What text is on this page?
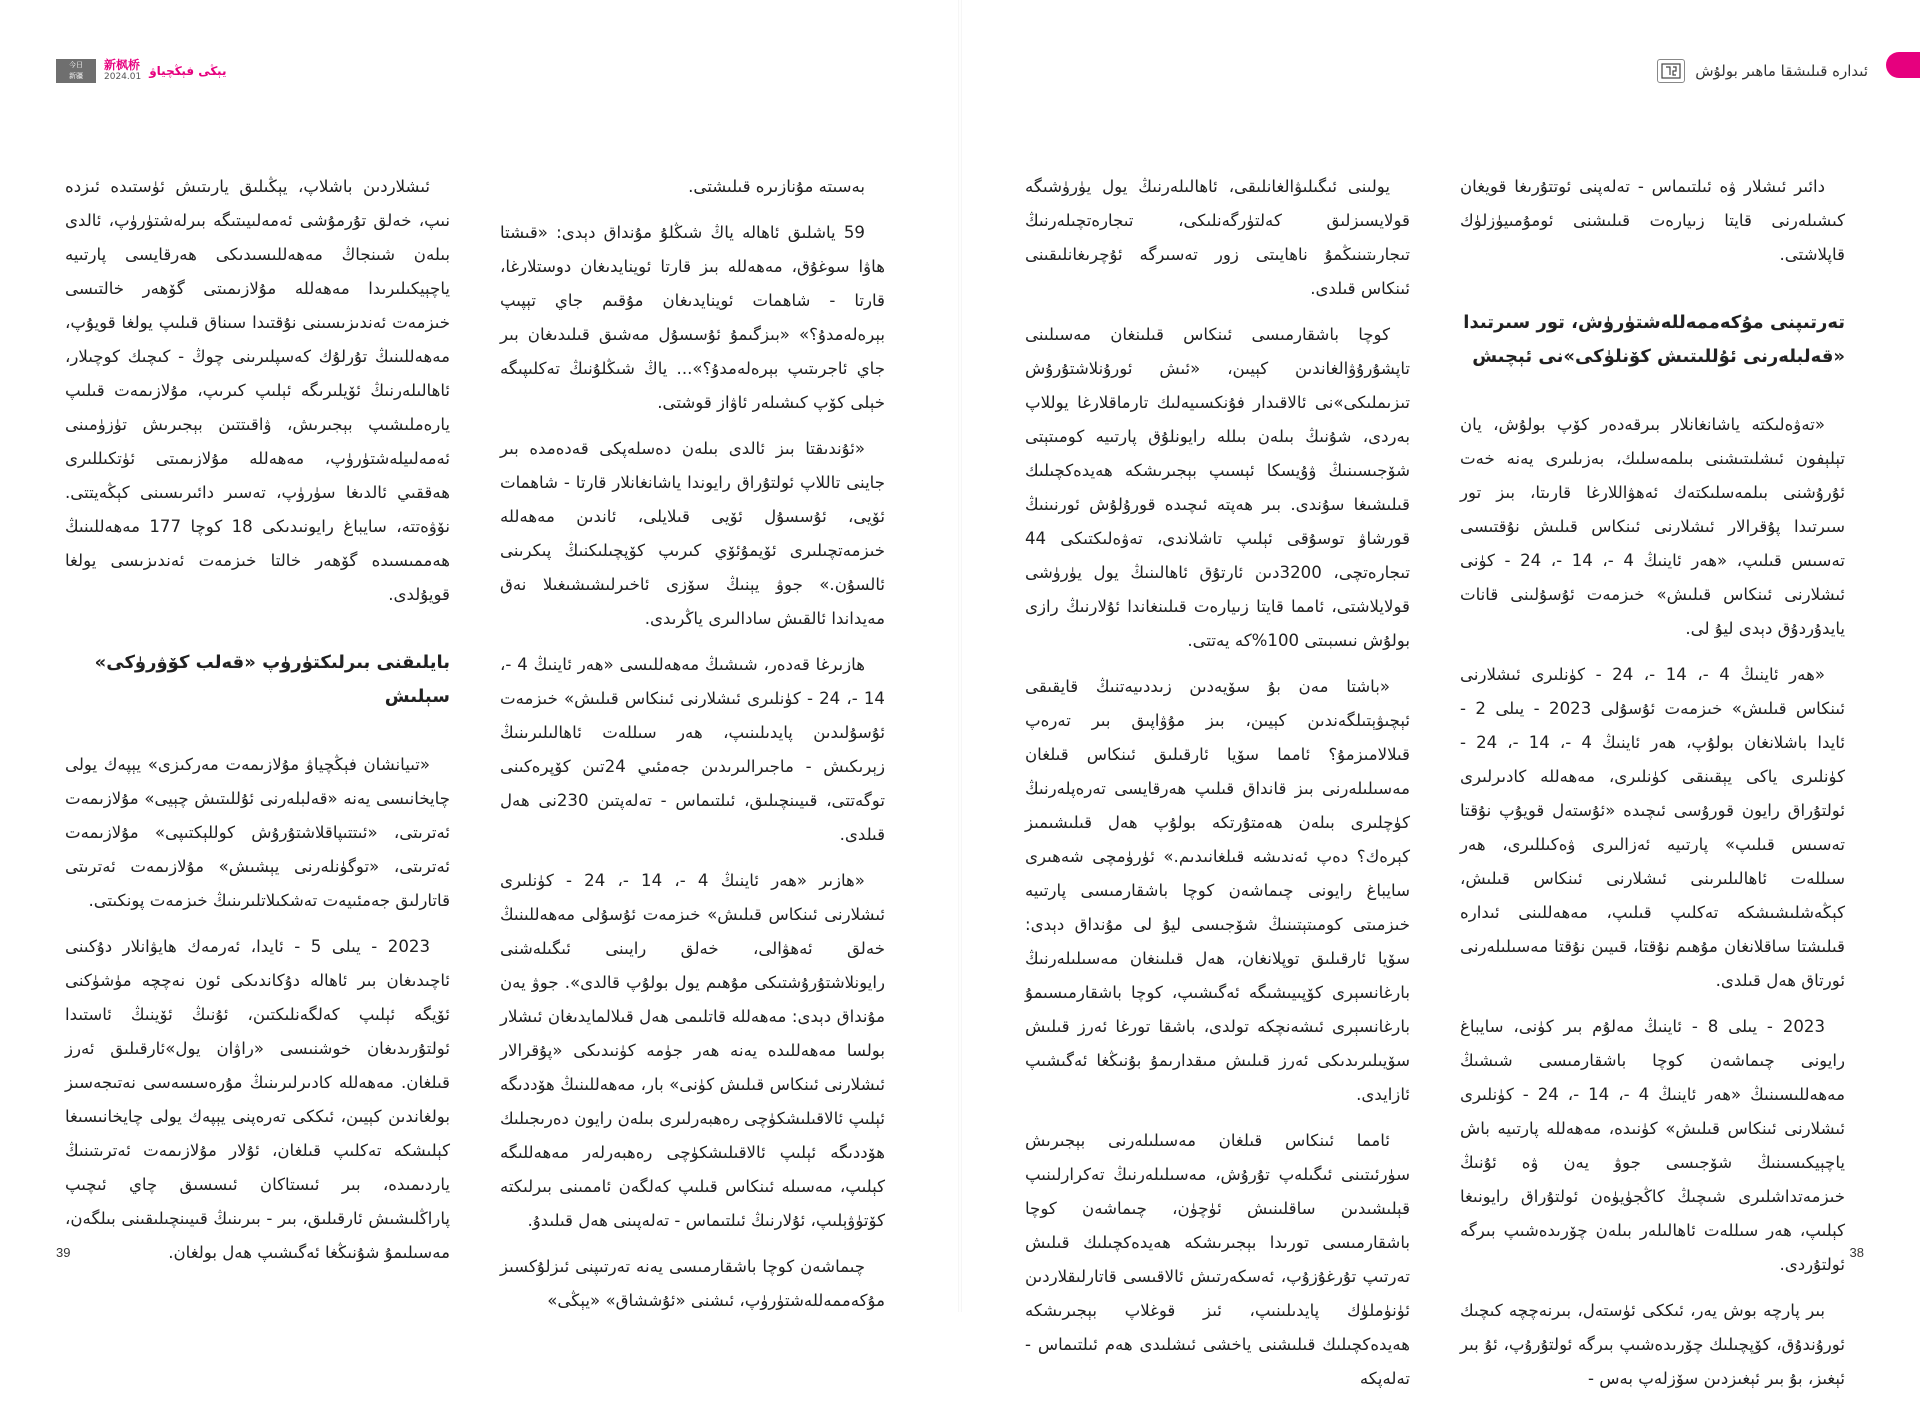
今日
新疆
新枫桥
2024.01 يېڭى فېڭچياۋ

بەسىتە مۇنازىرە قىلىشتى.

59 ياشلىق ئاھالە ياڭ شىڭلۇ مۇنداق دېدى: «قىشتا ھاۋا سوغۇق، مەھەللە بىز قارتا ئوينايدىغان دوستلارغا، قارتا - شاھمات ئوينايدىغان مۇقىم جاي تېپىپ بېرەلەمدۇ؟» «بىزگىمۇ ئۇسسۇل مەشىق قىلىدىغان بىر جاي ئاجرىتىپ بېرەلەمدۇ؟»... ياڭ شىڭلۇنىڭ تەكلىپىگە خېلى كۆپ كىشىلەر ئاۋاز قوشتى.

«ئۇندىقتا بىز ئالدى بىلەن دەسلەپكى قەدەمدە بىر جاينى تاللاپ ئولتۇراق رايوندا ياشانغانلار قارتا - شاھمات ئۆيى، ئۇسسۇل ئۆيى قىلايلى، ئاندىن مەھەللە خىزمەتچىلىرى ئۆيمۇئۆي كىرىپ كۆپچىلىكنىڭ پىكرىنى ئالسۇن.» جوۋ يېنىڭ سۆزى ئاخىرلىشىشىغىلا نەق مەيداندا ئالقىش سادالىرى ياڭرىدى.

ھازىرغا قەدەر، شىشىڭ مەھەللىسى «ھەر ئاينىڭ 4 -، 14 -، 24 - كۈنلىرى ئىشلارنى ئىنكاس قىلىش» خىزمەت ئۇسۇلىدىن پايدىلىنىپ، ھەر سىللەت ئاھالىلىرىنىڭ زېرىكىش - ماجىرالىرىدىن جەمئىي 24تىن كۆپرەكىنى توگەتتى، قىيىنچىلىق، ئىلتىماس - تەلەپتىن 230نى ھەل قىلدى.

«ھازىر «ھەر ئاينىڭ 4 -، 14 -، 24 - كۈنلىرى ئىشلارنى ئىنكاس قىلىش» خىزمەت ئۇسۇلى مەھەللىنىڭ خەلق ئەھۋالى، خەلق رايىنى ئىگىلەشنى رايونلاشتۇرۇشتىكى مۇھىم يول بولۇپ قالدى». جوۋ يەن مۇنداق دېدى: مەھەللە قاتلىمى ھەل قىلالمايدىغان ئىشلار بولسا مەھەللىدە يەنە ھەر جۈمە كۈنىدىكى «پۇقرالار ئىشلارنى ئىنكاس قىلىش كۈنى» بار، مەھەللىنىڭ ھۆددىگە ئېلىپ ئالاقىلىشكۈچى رەھبەرلىرى بىلەن رايون دەرىجىلىك ھۆددىگە ئېلىپ ئالاقىلىشكۈچى رەھبەرلەر مەھەللىگە كېلىپ، مەسىلە ئىنكاس قىلىپ كەلگەن ئاممىنى بىرلىكتە كۆتۈۋېلىپ، ئۇلارنىڭ ئىلتىماس - تەلەپىنى ھەل قىلىدۇ.

چىماشەن كوچا باشقارمىسى يەنە تەرتىپنى ئىزلۇكسىز مۇكەممەللەشتۈرۈپ، ئىشنى «ئۇششاق» «يېڭى»

ئىشلاردىن باشلاپ، يېڭىلىق يارىتىش ئۈستىدە ئىزدە نىپ، خەلق تۇرمۇشى ئەمەلىيىتىگە بىرلەشتۈرۈپ، ئالدى بىلەن شىنجاڭ مەھەللىسىدىكى ھەرقايسى پارتىيە ياچېيكىلىرىدا مەھەللە مۇلازىمىتى گۆھەر خالتىسى خىزمەت ئەندىزىسىنى نۇقتىدا سىناق قىلىپ يولغا قويۇپ، مەھەللىنىڭ تۇرلۇك كەسپلىرىنى چوڭ - كىچىك كوچىلار، ئاھالىلەرنىڭ ئۆيلىرىگە ئېلىپ كىرىپ، مۇلازىمەت قىلىپ يارەملىشىپ بېجىرىش، ۋاقىتتىن بېجىرىش تۈزۈمىنى ئەمەلىيلەشتۈرۈپ، مەھەللە مۇلازىمىتى ئۈتكىللىرى ھەققىي ئالدىغا سۈرۈپ، تەسىر دائىرىسىنى كېڭەيتتى. نۆۋەتتە، سايباغ رايونىدىكى 18 كوچا 177 مەھەللىنىڭ ھەممىسىدە گۆھەر خالتا خىزمەت ئەندىزىسى يولغا قويۇلدى.

بايلىقنى بىرلىكتۈرۈپ «قەلب كۆۋرۈكى» سېلىش

«تىيانشان فېڭچياۋ مۇلازىمەت مەركىزى» يېپەك يولى چايخانىسى يەنە «قەلبلەرنى ئۇللىتىش چېيى» مۇلازىمەت ئەترىتى، «ئىتتىپاقلاشتۇرۇش كوللېكتىپى» مۇلازىمەت ئەترىتى، «توگۈنلەرنى يېشىش» مۇلازىمەت ئەترىتى قاتارلىق جەمئىيەت تەشكىلاتلىرىنىڭ خىزمەت پونكىتى.

2023 - يىلى 5 - ئايدا، ئەرمەك ھايۋانلار دۇكىنى ئاچىدىغان بىر ئاھالە دۇكاندىكى ئون نەچچە مۈشۈكنى ئۆيگە ئېلىپ كەلگەنلىكتىن، ئۇنىڭ ئۆينىڭ ئاستىدا ئولتۇرىدىغان خوشنىسى «راۋان يول»ئارقىلىق ئەرز قىلغان. مەھەللە كادىرلىرىنىڭ مۇرەسسەسى نەتىجەسىز بولغاندىن كېيىن، ئىككى تەرەپنى يېپەك يولى چايخانىسىغا كېلىشكە تەكلىپ قىلغان، ئۇلار مۇلازىمەت ئەترىتىنىڭ ياردىمىدە، بىر ئىستاكان ئىسسىق چاي ئىچىپ پاراڭلىشىش ئارقىلىق، بىر - بىرىنىڭ قىيىنچىلىقىنى بىلگەن، مەسىلىمۇ شۇنىڭغا ئەگىشىپ ھەل بولغان.

39
ئىدارە قىلىشقا ماھىر بولۇش

دائىر ئىشلار ۋە ئىلتىماس - تەلەپنى ئوتتۇرىغا قويغان كىشىلەرنى قايتا زىيارەت قىلىشنى ئومۇمىيۈزلۈك قاپلاشتى.

تەرتىپنى مۇكەممەللەشتۈرۈش، تور سىرتىدا «قەلبلەرنى ئۇللىتىش كۆنلۈكى»نى ئېچىش

«تەۋەلىكتە ياشانغانلار بىرقەدەر كۆپ بولۇش، يان تېلېفون ئىشلىتىشنى بىلمەسلىك، بەزىلىرى يەنە خەت ئۇرۇشنى بىلمەسلىكتەك ئەھۋاللارغا قارىتا، بىز تور سىرتىدا پۇقرالار ئىشلارنى ئىنكاس قىلىش نۇقتىسى تەسىس قىلىپ، «ھەر ئاينىڭ 4 -، 14 -، 24 - كۈنى ئىشلارنى ئىنكاس قىلىش» خىزمەت ئۇسۇلىنى قانات يايدۇردۇق دېدى ليۇ لى.

«ھەر ئاينىڭ 4 -، 14 -، 24 - كۈنلىرى ئىشلارنى ئىنكاس قىلىش» خىزمەت ئۇسۇلى 2023 - يىلى 2 - ئايدا باشلانغان بولۇپ، ھەر ئاينىڭ 4 -، 14 -، 24 - كۈنلىرى ياكى يېقىنقى كۈنلىرى، مەھەللە كادىرلىرى ئولتۇراق رايون قورۇسى ئىچىدە «ئۇستەل قويۇپ نۇقتا تەسىس قىلىپ» پارتىيە ئەزالىرى ۋەكىللىرى، ھەر سىللەت ئاھالىلىرىنى ئىشلارنى ئىنكاس قىلىش، كېڭەشلىشىشكە تەكلىپ قىلىپ، مەھەللىنى ئىدارە قىلىشتا ساقلانغان مۇھىم نۇقتا، قىيىن نۇقتا مەسىلىلەرنى ئورتاق ھەل قىلدى.

2023 - يىلى 8 - ئاينىڭ مەلۇم بىر كۈنى، سايباغ رايونى چىماشەن كوچا باشقارمىسى شىشىڭ مەھەللىسىنىڭ «ھەر ئاينىڭ 4 -، 14 -، 24 - كۈنلىرى ئىشلارنى ئىنكاس قىلىش» كۈنىدە، مەھەللە پارتىيە باش ياچېيكىسىنىڭ شۆجىسى جوۋ يەن ۋە ئۇنىڭ خىزمەتداشلىرى شىچىڭ كاڭجۈيۈەن ئولتۇراق رايونىغا كېلىپ، ھەر سىللەت ئاھالىلەر بىلەن چۆرىدەشىپ بىرگە ئولتۇردى.

بىر پارچە بوش يەر، ئىككى ئۈستەل، بىرنەچچە كىچىك ئورۇندۇق، كۆپچىلىك چۆرىدەشىپ بىرگە ئولتۇرۇپ، ئۇ بىر ئېغىز، بۇ بىر ئېغىزدىن سۆزلەپ بەس -

يولىنى ئىگىلىۋالغانلىقى، ئاھالىلەرنىڭ يول يۈرۈشىگە قولايسىزلىق كەلتۈرگەنلىكى، تىجارەتچىلەرنىڭ تىجارىتىنىڭمۇ ناھايىتى زور تەسىرگە ئۇچرىغانلىقىنى ئىنكاس قىلدى.

كوچا باشقارمىسى ئىنكاس قىلىنغان مەسىلىنى تاپشۇرۇۋالغاندىن كېيىن، «ئىش ئورۇنلاشتۇرۇش تىزىملىكى»نى ئالاقىدار فۇنكسىيەلىك تارماقلارغا يوللاپ بەردى، شۇنىڭ بىلەن بىللە رايونلۇق پارتىيە كومىتېتى شۆجىسىنىڭ ۋۇيسكا ئېسىپ بېجىرىشكە ھەيدەكچىلىك قىلىشىغا سۇندى. بىر ھەپتە ئىچىدە قورۇلۇش ئورنىنىڭ قورشاۋ توسۇقى ئېلىپ تاشلاندى، تەۋەلىكتىكى 44 تىجارەتچى، 3200دىن ئارتۇق ئاھالىنىڭ يول يۈرۈشى قولايلاشتى، ئامما قايتا زىيارەت قىلىنغاندا ئۇلارنىڭ رازى بولۇش نىسبىتى 100%كە يەتتى.

«باشتا مەن بۇ سۆيەدىن زىددىيەتنىڭ قايقىقى ئېچىۋېتىلگەندىن كېيىن، بىز مۇۋاپىق بىر تەرەپ قىلالامىزمۇ؟ ئامما سۆيا ئارقىلىق ئىنكاس قىلغان مەسىلىلەرنى بىز قانداق قىلىپ ھەرقايسى تەرەپلەرنىڭ كۈچلىرى بىلەن ھەمتۇرتكە بولۇپ ھەل قىلىشىمىز كېرەك؟ دەپ ئەندىشە قىلغانىدىم.» ئۈرۈمچى شەھىرى سايباغ رايونى چىماشەن كوچا باشقارمىسى پارتىيە خىزمىتى كومىتېتىنىڭ شۆجىسى ليۇ لى مۇنداق دېدى: سۆيا ئارقىلىق توپلانغان، ھەل قىلىنغان مەسىلىلەرنىڭ بارغانسېرى كۆپىيىشىگە ئەگىشىپ، كوچا باشقارمىسىمۇ بارغانسېرى ئىشەنچكە تولدى، باشقا تورغا ئەرز قىلىش سۆيىلىرىدىكى ئەرز قىلىش مىقدارىمۇ بۇنىڭغا ئەگىشىپ ئازايدى.

ئامما ئىنكاس قىلغان مەسىلىلەرنى بېجىرىش سۈرئىتىنى ئىگىلەپ تۇرۇش، مەسىلىلەرنىڭ تەكرارلىنىپ قېلىشىدىن ساقلىنىش ئۈچۈن، چىماشەن كوچا باشقارمىسى تورىدا بېجىرىشكە ھەيدەكچىلىك قىلىش تەرتىپ تۇرغۇزۇپ، ئەسكەرتىش ئالاقىسى قاتارلىقلاردىن ئۈنۈملۈك پايدىلىنىپ، ئىز قوغلاپ بېجىرىشكە ھەيدەكچىلىك قىلىشنى ياخشى ئىشلىدى ھەم ئىلتىماس - تەلەپكە

38
